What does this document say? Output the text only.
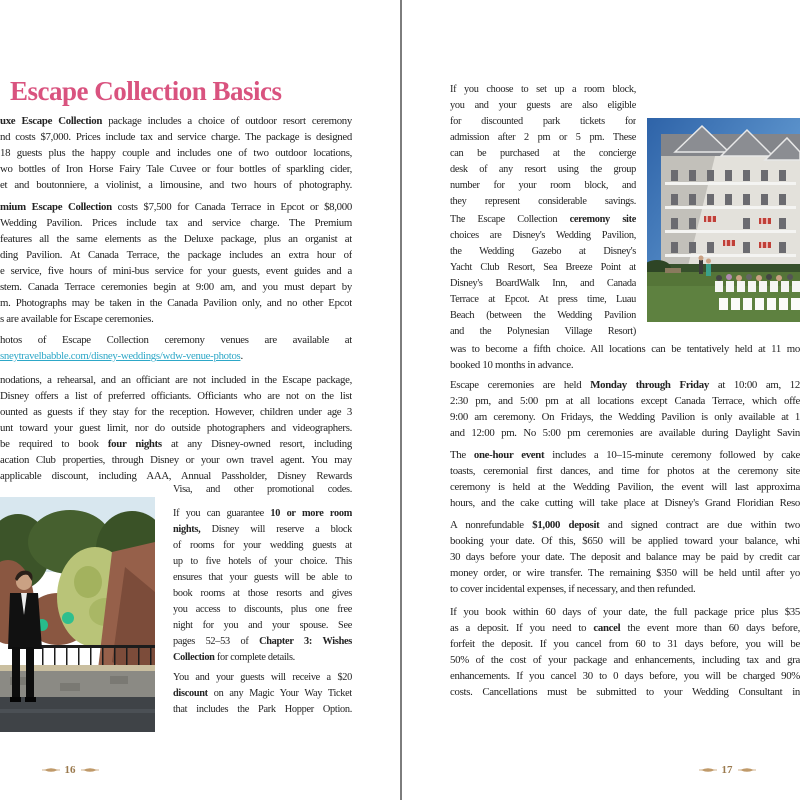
Escape Collection Basics
uxe Escape Collection package includes a choice of outdoor resort ceremony
nd costs $7,000. Prices include tax and service charge. The package is designed
18 guests plus the happy couple and includes one of two outdoor locations,
wo bottles of Iron Horse Fairy Tale Cuvee or four bottles of sparkling cider,
et and boutonniere, a violinist, a limousine, and two hours of photography.
mium Escape Collection costs $7,500 for Canada Terrace in Epcot or $8,000
Wedding Pavilion. Prices include tax and service charge. The Premium
features all the same elements as the Deluxe package, plus an organist at
ding Pavilion. At Canada Terrace, the package includes an extra hour of
e service, five hours of mini-bus service for your guests, event guides and a
stem. Canada Terrace ceremonies begin at 9:00 am, and you must depart by
m. Photographs may be taken in the Canada Pavilion only, and no other Epcot
s are available for Escape ceremonies.
hotos of Escape Collection ceremony venues are available at
sneytravelbabble.com/disney-weddings/wdw-venue-photos.
nodations, a rehearsal, and an officiant are not included in the Escape package,
Disney offers a list of preferred officiants. Officiants who are not on the list
ounted as guests if they stay for the reception. However, children under age 3
unt toward your guest limit, nor do outside photographers and videographers.
be required to book four nights at any Disney-owned resort, including
acation Club properties, through Disney or your own travel agent. You may
applicable discount, including AAA, Annual Passholder, Disney Rewards
Visa, and other promotional codes.
If you can guarantee 10 or more room
nights, Disney will reserve a block
of rooms for your wedding guests at
up to five hotels of your choice. This
ensures that your guests will be able to
book rooms at those resorts and gives
you access to discounts, plus one free
night for you and your spouse. See
pages 52–53 of Chapter 3: Wishes
Collection for complete details.
You and your guests will receive a $20
discount on any Magic Your Way Ticket
that includes the Park Hopper Option.
16
If you choose to set up a room block,
you and your guests are also eligible
for discounted park tickets for
admission after 2 pm or 5 pm. These
can be purchased at the concierge
desk of any resort using the group
number for your room block, and
they represent considerable savings.
The Escape Collection ceremony site
choices are Disney's Wedding Pavilion,
the Wedding Gazebo at Disney's
Yacht Club Resort, Sea Breeze Point at
Disney's BoardWalk Inn, and Canada
Terrace at Epcot. At press time, Luau
Beach (between the Wedding Pavilion
and the Polynesian Village Resort)
was to become a fifth choice. All locations can be tentatively held at 11 mo
booked 10 months in advance.
Escape ceremonies are held Monday through Friday at 10:00 am, 12
2:30 pm, and 5:00 pm at all locations except Canada Terrace, which offe
9:00 am ceremony. On Fridays, the Wedding Pavilion is only available at 1
and 12:00 pm. No 5:00 pm ceremonies are available during Daylight Savin
The one-hour event includes a 10–15-minute ceremony followed by cake
toasts, ceremonial first dances, and time for photos at the ceremony site
ceremony is held at the Wedding Pavilion, the event will last approxima
hours, and the cake cutting will take place at Disney's Grand Floridian Reso
A nonrefundable $1,000 deposit and signed contract are due within two
booking your date. Of this, $650 will be applied toward your balance, whi
30 days before your date. The deposit and balance may be paid by credit car
money order, or wire transfer. The remaining $350 will be held until after yo
to cover incidental expenses, if necessary, and then refunded.
If you book within 60 days of your date, the full package price plus $35
as a deposit. If you need to cancel the event more than 60 days before,
forfeit the deposit. If you cancel from 60 to 31 days before, you will be
50% of the cost of your package and enhancements, including tax and gra
enhancements. If you cancel 30 to 0 days before, you will be charged 90%
costs. Cancellations must be submitted to your Wedding Consultant in
17
